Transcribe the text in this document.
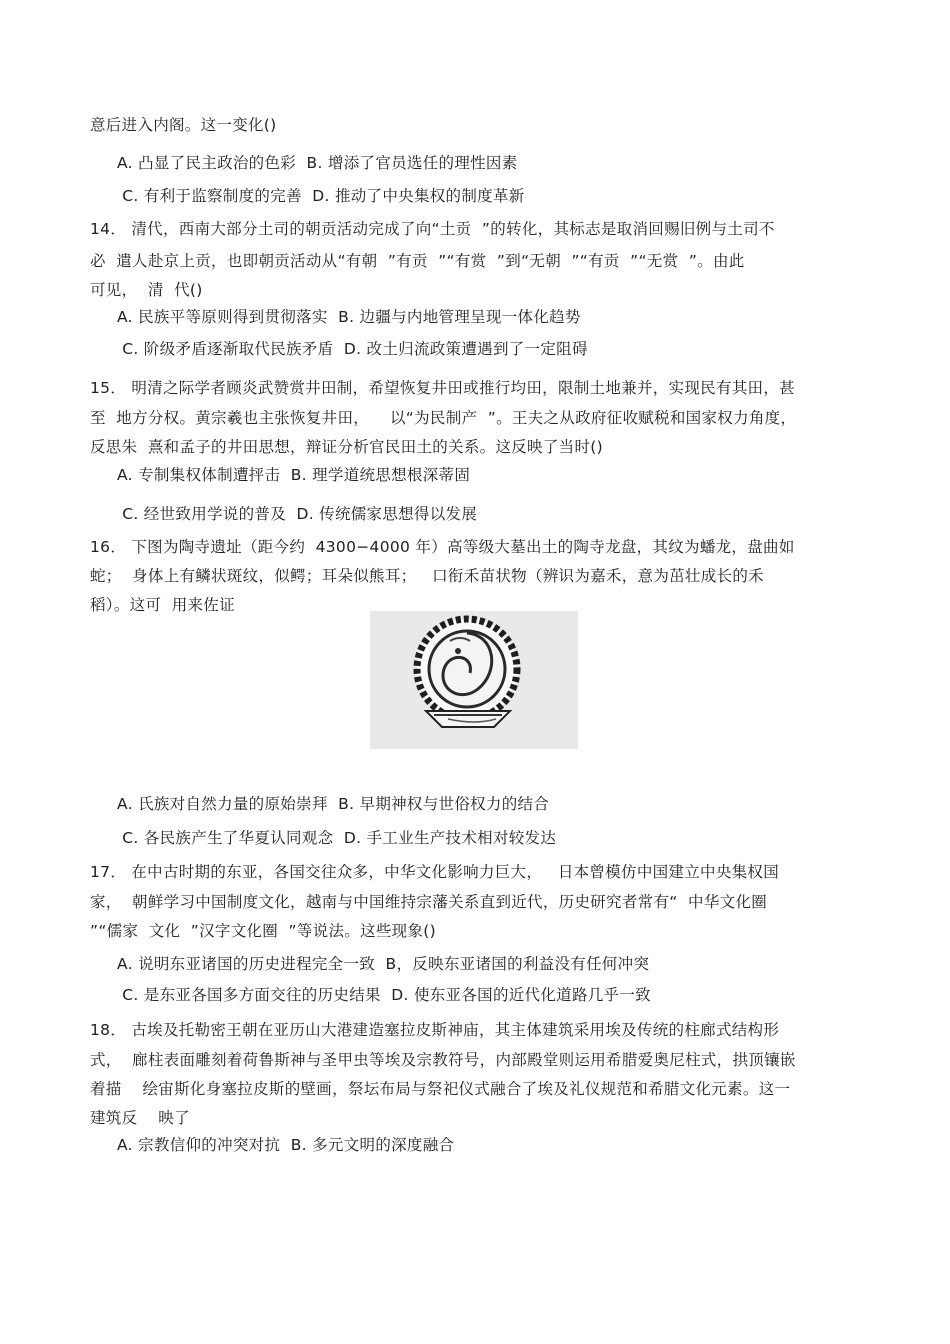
意后进入内阁。这一变化()
A. 凸显了民主政治的色彩  B. 增添了官员选任的理性因素
C. 有利于监察制度的完善  D. 推动了中央集权的制度革新
14． 清代，西南大部分土司的朝贡活动完成了向“土贡  ”的转化，其标志是取消回赐旧例与土司不
必  遣人赴京上贡，也即朝贡活动从“有朝  ”有贡  ”“有赏  ”到“无朝  ”“有贡  ”“无赏  ”。由此
可见，  清  代()
A. 民族平等原则得到贯彻落实  B. 边疆与内地管理呈现一体化趋势
C. 阶级矛盾逐渐取代民族矛盾  D. 改土归流政策遭遇到了一定阻碍
15． 明清之际学者顾炎武赞赏井田制，希望恢复井田或推行均田，限制土地兼并，实现民有其田，甚
至  地方分权。黄宗羲也主张恢复井田，    以“为民制产  ”。王夫之从政府征收赋税和国家权力角度，
反思朱  熹和孟子的井田思想，辩证分析官民田土的关系。这反映了当时()
A. 专制集权体制遭抨击  B. 理学道统思想根深蒂固
C. 经世致用学说的普及  D. 传统儒家思想得以发展
16． 下图为陶寺遗址（距今约  4300−4000 年）高等级大墓出土的陶寺龙盘，其纹为蟠龙，盘曲如
蛇；  身体上有鳞状斑纹，似鳄；耳朵似熊耳；   口衔禾苗状物（辨识为嘉禾，意为茁壮成长的禾
稻）。这可  用来佐证
A. 氏族对自然力量的原始崇拜  B. 早期神权与世俗权力的结合
C. 各民族产生了华夏认同观念  D. 手工业生产技术相对较发达
17． 在中古时期的东亚，各国交往众多，中华文化影响力巨大，   日本曾模仿中国建立中央集权国
家，  朝鲜学习中国制度文化，越南与中国维持宗藩关系直到近代，历史研究者常有“  中华文化圈
”“儒家  文化  ”汉字文化圈  ”等说法。这些现象()
A. 说明东亚诸国的历史进程完全一致  B，反映东亚诸国的利益没有任何冲突
C. 是东亚各国多方面交往的历史结果  D. 使东亚各国的近代化道路几乎一致
18． 古埃及托勒密王朝在亚历山大港建造塞拉皮斯神庙，其主体建筑采用埃及传统的柱廊式结构形
式，  廊柱表面雕刻着荷鲁斯神与圣甲虫等埃及宗教符号，内部殿堂则运用希腊爱奥尼柱式，拱顶镶嵌
着描    绘宙斯化身塞拉皮斯的壁画，祭坛布局与祭祀仪式融合了埃及礼仪规范和希腊文化元素。这一
建筑反    映了
A. 宗教信仰的冲突对抗  B. 多元文明的深度融合
